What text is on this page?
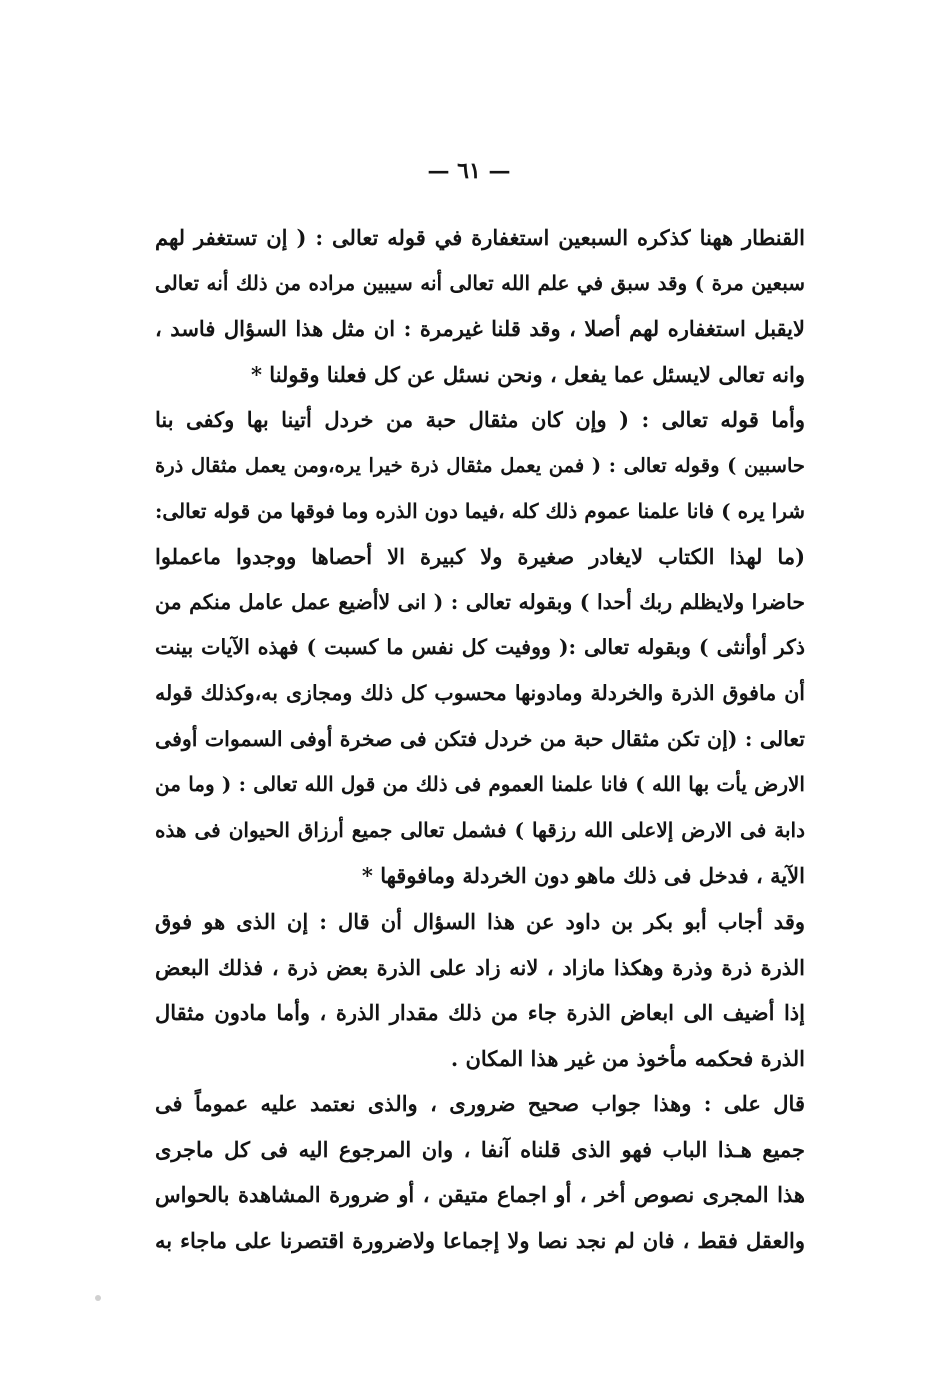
— ٦١ —
القنطار ههنا كذكره السبعين استغفارة في قوله تعالى : ( إن تستغفر لهم
سبعين مرة ) وقد سبق في علم الله تعالى أنه سيبين مراده من ذلك أنه تعالى
لايقبل استغفاره لهم أصلا ، وقد قلنا غيرمرة : ان مثل هذا السؤال فاسد ،
وانه تعالى لايسئل عما يفعل ، ونحن نسئل عن كل فعلنا وقولنا *
وأما قوله تعالى : ( وإن كان مثقال حبة من خردل أتينا بها وكفى بنا
حاسبين ) وقوله تعالى : ( فمن يعمل مثقال ذرة خيرا يره،ومن يعمل مثقال ذرة
شرا يره ) فانا علمنا عموم ذلك كله ،فيما دون الذره وما فوقها من قوله تعالى:
(ما لهذا الكتاب لايغادر صغيرة ولا كبيرة الا أحصاها ووجدوا ماعملوا
حاضرا ولايظلم ربك أحدا ) وبقوله تعالى : ( انى لاأضيع عمل عامل منكم من
ذكر أوأنثى ) وبقوله تعالى :( ووفيت كل نفس ما كسبت ) فهذه الآيات بينت
أن مافوق الذرة والخردلة ومادونها محسوب كل ذلك ومجازى به،وكذلك قوله
تعالى : (إن تكن مثقال حبة من خردل فتكن فى صخرة أوفى السموات أوفى
الارض يأت بها الله ) فانا علمنا العموم فى ذلك من قول الله تعالى : ( وما من
دابة فى الارض إلاعلى الله رزقها ) فشمل تعالى جميع أرزاق الحيوان فى هذه
الآية ، فدخل فى ذلك ماهو دون الخردلة ومافوقها *
وقد أجاب أبو بكر بن داود عن هذا السؤال أن قال : إن الذى هو فوق
الذرة ذرة وذرة وهكذا مازاد ، لانه زاد على الذرة بعض ذرة ، فذلك البعض
إذا أضيف الى ابعاض الذرة جاء من ذلك مقدار الذرة ، وأما مادون مثقال
الذرة فحكمه مأخوذ من غير هذا المكان .
قال على : وهذا جواب صحيح ضرورى ، والذى نعتمد عليه عموماً فى
جميع هـذا الباب فهو الذى قلناه آنفا ، وان المرجوع اليه فى كل ماجرى
هذا المجرى نصوص أخر ، أو اجماع متيقن ، أو ضرورة المشاهدة بالحواس
والعقل فقط ، فان لم نجد نصا ولا إجماعا ولاضرورة اقتصرنا على ماجاء به
